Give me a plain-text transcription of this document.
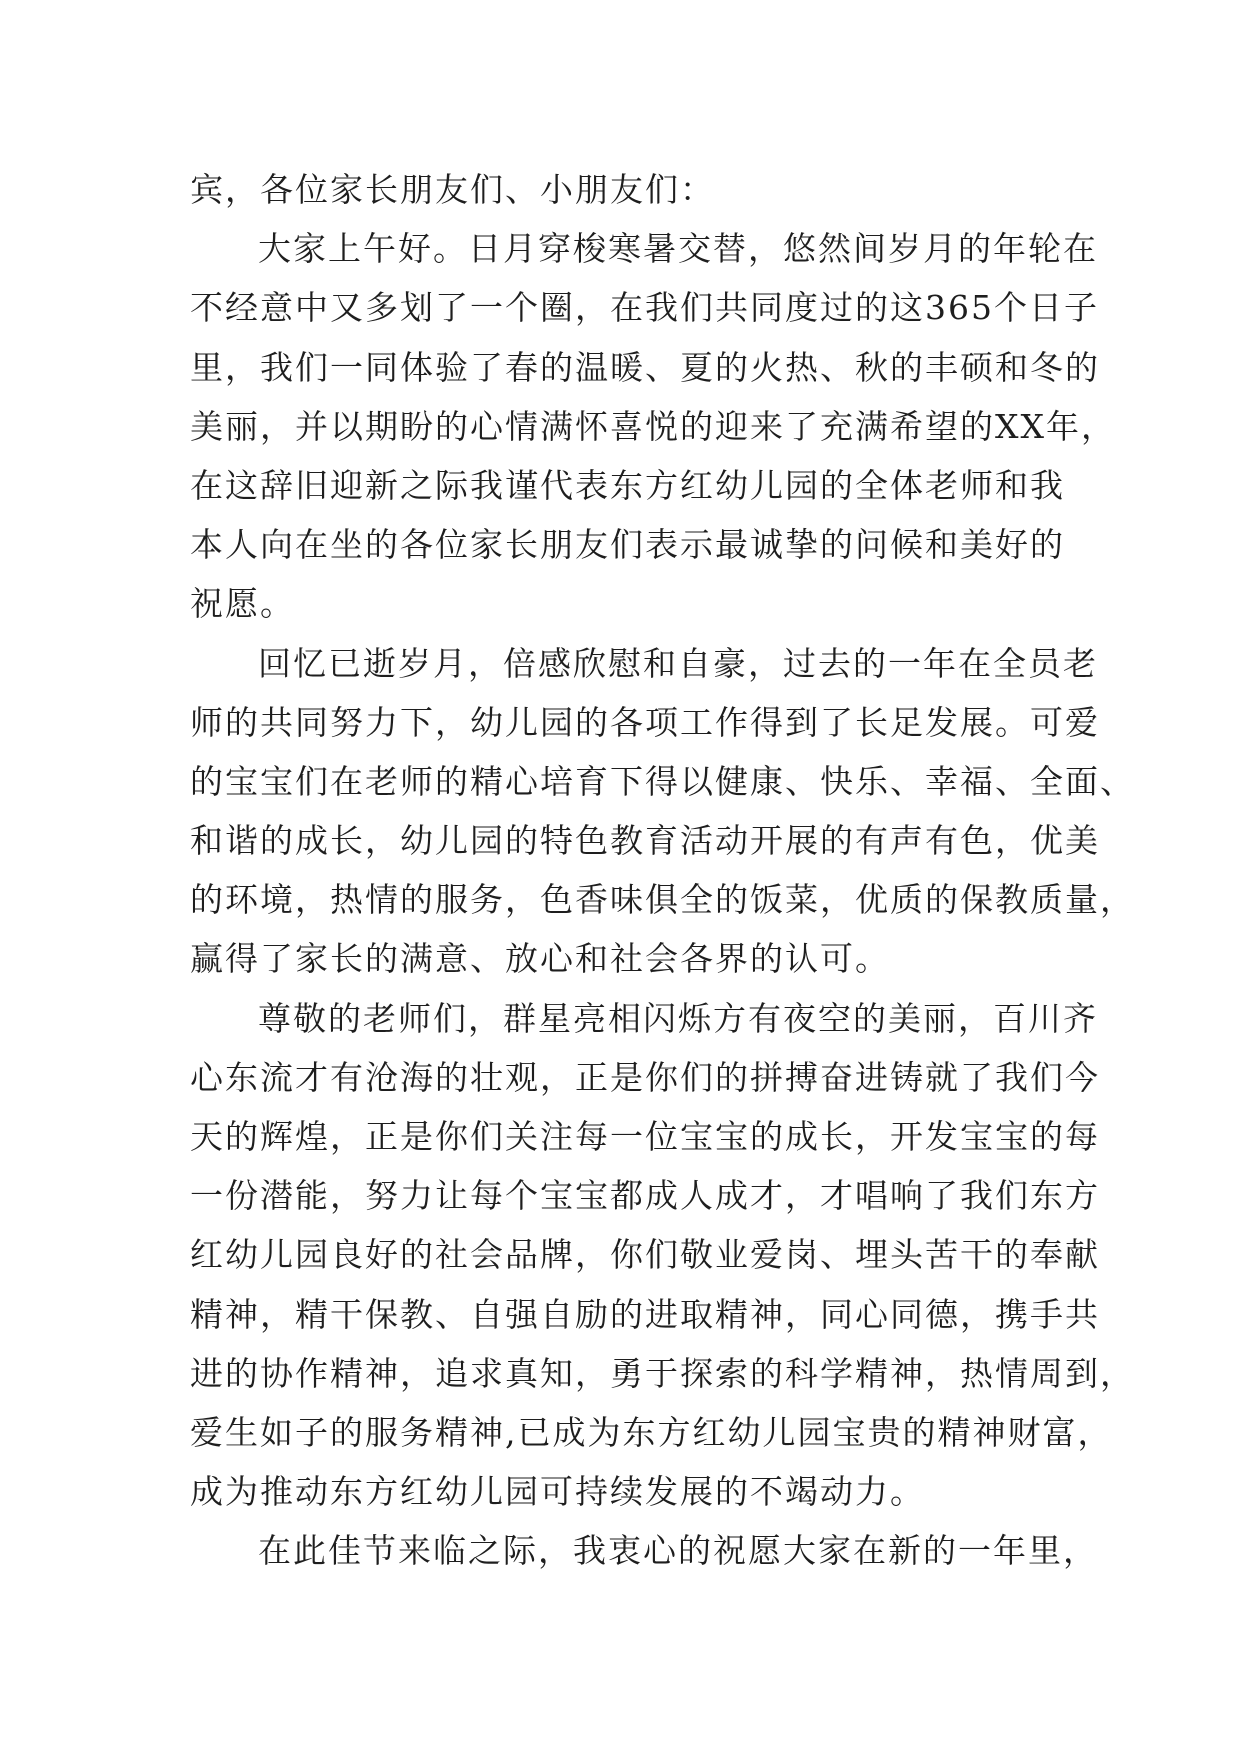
宾，各位家长朋友们、小朋友们：
大家上午好。日月穿梭寒暑交替，悠然间岁月的年轮在
不经意中又多划了一个圈，在我们共同度过的这365个日子
里，我们一同体验了春的温暖、夏的火热、秋的丰硕和冬的
美丽，并以期盼的心情满怀喜悦的迎来了充满希望的XX年，
在这辞旧迎新之际我谨代表东方红幼儿园的全体老师和我
本人向在坐的各位家长朋友们表示最诚挚的问候和美好的
祝愿。
回忆已逝岁月，倍感欣慰和自豪，过去的一年在全员老
师的共同努力下，幼儿园的各项工作得到了长足发展。可爱
的宝宝们在老师的精心培育下得以健康、快乐、幸福、全面、
和谐的成长，幼儿园的特色教育活动开展的有声有色，优美
的环境，热情的服务，色香味俱全的饭菜，优质的保教质量，
赢得了家长的满意、放心和社会各界的认可。
尊敬的老师们，群星亮相闪烁方有夜空的美丽，百川齐
心东流才有沧海的壮观，正是你们的拼搏奋进铸就了我们今
天的辉煌，正是你们关注每一位宝宝的成长，开发宝宝的每
一份潜能，努力让每个宝宝都成人成才，才唱响了我们东方
红幼儿园良好的社会品牌，你们敬业爱岗、埋头苦干的奉献
精神，精干保教、自强自励的进取精神，同心同德，携手共
进的协作精神，追求真知，勇于探索的科学精神，热情周到，
爱生如子的服务精神,已成为东方红幼儿园宝贵的精神财富，
成为推动东方红幼儿园可持续发展的不竭动力。
在此佳节来临之际，我衷心的祝愿大家在新的一年里，
